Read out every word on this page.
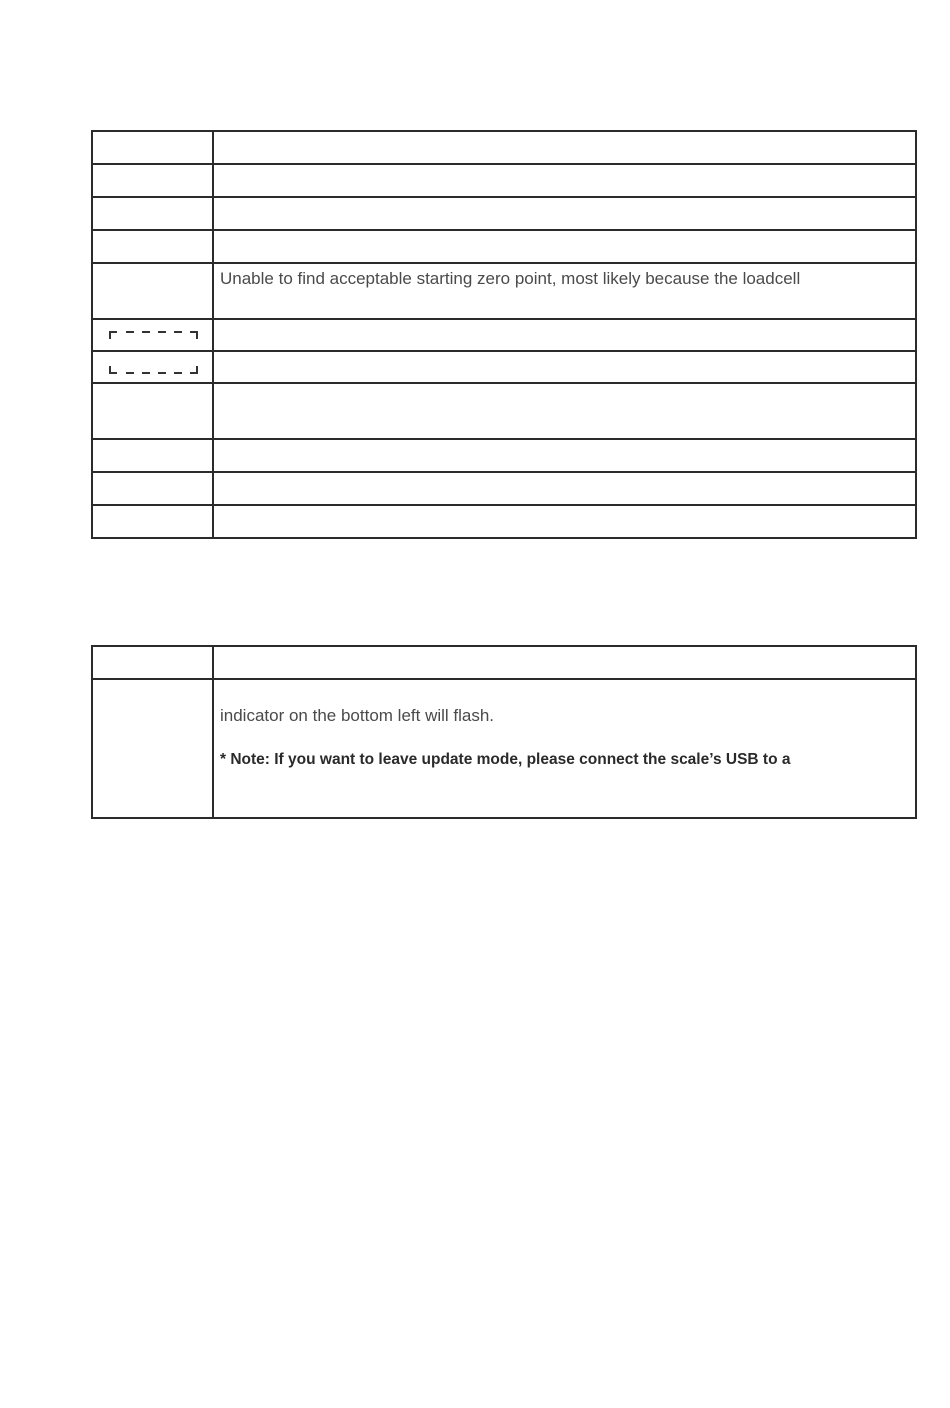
	Unable to find acceptable starting zero point, most likely because the loadcell

	indicator on the bottom left will flash.
* Note: If you want to leave update mode, please connect the scale’s USB to a
